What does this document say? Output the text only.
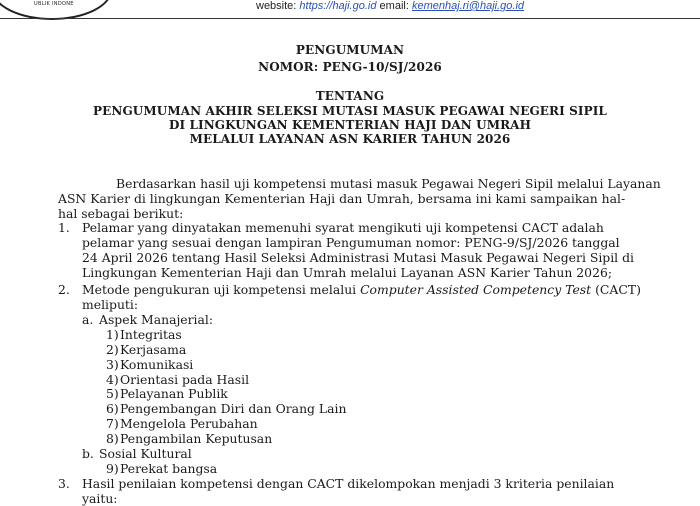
UBLIK INDONE	website: https://haji.go.id email: kemenhaj.ri@haji.go.id
PENGUMUMAN
NOMOR: PENG-10/SJ/2026
TENTANG
PENGUMUMAN AKHIR SELEKSI MUTASI MASUK PEGAWAI NEGERI SIPIL
DI LINGKUNGAN KEMENTERIAN HAJI DAN UMRAH
MELALUI LAYANAN ASN KARIER TAHUN 2026
Berdasarkan hasil uji kompetensi mutasi masuk Pegawai Negeri Sipil melalui Layanan
ASN Karier di lingkungan Kementerian Haji dan Umrah, bersama ini kami sampaikan hal-
hal sebagai berikut:
1. Pelamar yang dinyatakan memenuhi syarat mengikuti uji kompetensi CACT adalah
pelamar yang sesuai dengan lampiran Pengumuman nomor: PENG-9/SJ/2026 tanggal
24 April 2026 tentang Hasil Seleksi Administrasi Mutasi Masuk Pegawai Negeri Sipil di
Lingkungan Kementerian Haji dan Umrah melalui Layanan ASN Karier Tahun 2026;
2. Metode pengukuran uji kompetensi melalui Computer Assisted Competency Test (CACT)
meliputi:
a. Aspek Manajerial:
1)Integritas
2)Kerjasama
3)Komunikasi
4)Orientasi pada Hasil
5)Pelayanan Publik
6)Pengembangan Diri dan Orang Lain
7)Mengelola Perubahan
8)Pengambilan Keputusan
b. Sosial Kultural
9)Perekat bangsa
3. Hasil penilaian kompetensi dengan CACT dikelompokan menjadi 3 kriteria penilaian
yaitu:
